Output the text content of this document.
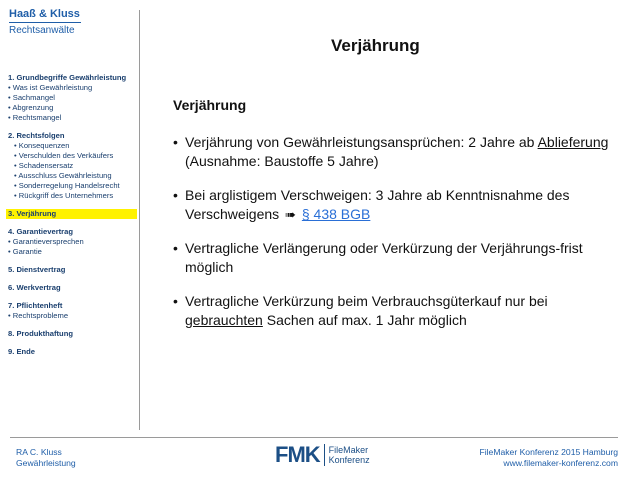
Haaß & Kluss
Rechtsanwälte
1. Grundbegriffe Gewährleistung
• Was ist Gewährleistung
• Sachmangel
• Abgrenzung
• Rechtsmangel
2. Rechtsfolgen
• Konsequenzen
• Verschulden des Verkäufers
• Schadensersatz
• Ausschluss Gewährleistung
• Sonderregelung Handelsrecht
• Rückgriff des Unternehmers
3. Verjährung
4. Garantievertrag
• Garantieversprechen
• Garantie
5. Dienstvertrag
6. Werkvertrag
7. Pflichtenheft
• Rechtsprobleme
8. Produkthaftung
9. Ende
Verjährung
Verjährung
• Verjährung von Gewährleistungsansprüchen: 2 Jahre ab Ablieferung (Ausnahme: Baustoffe 5 Jahre)
• Bei arglistigem Verschweigen: 3 Jahre ab Kenntnisnahme des Verschweigens ➠ § 438 BGB
• Vertragliche Verlängerung oder Verkürzung der Verjährungs-frist möglich
• Vertragliche Verkürzung beim Verbrauchsgüterkauf nur bei gebrauchten Sachen auf max. 1 Jahr möglich
RA C. Kluss
Gewährleistung	FMK FileMaker
Konferenz
FileMaker Konferenz 2015 Hamburg
www.filemaker-konferenz.com
